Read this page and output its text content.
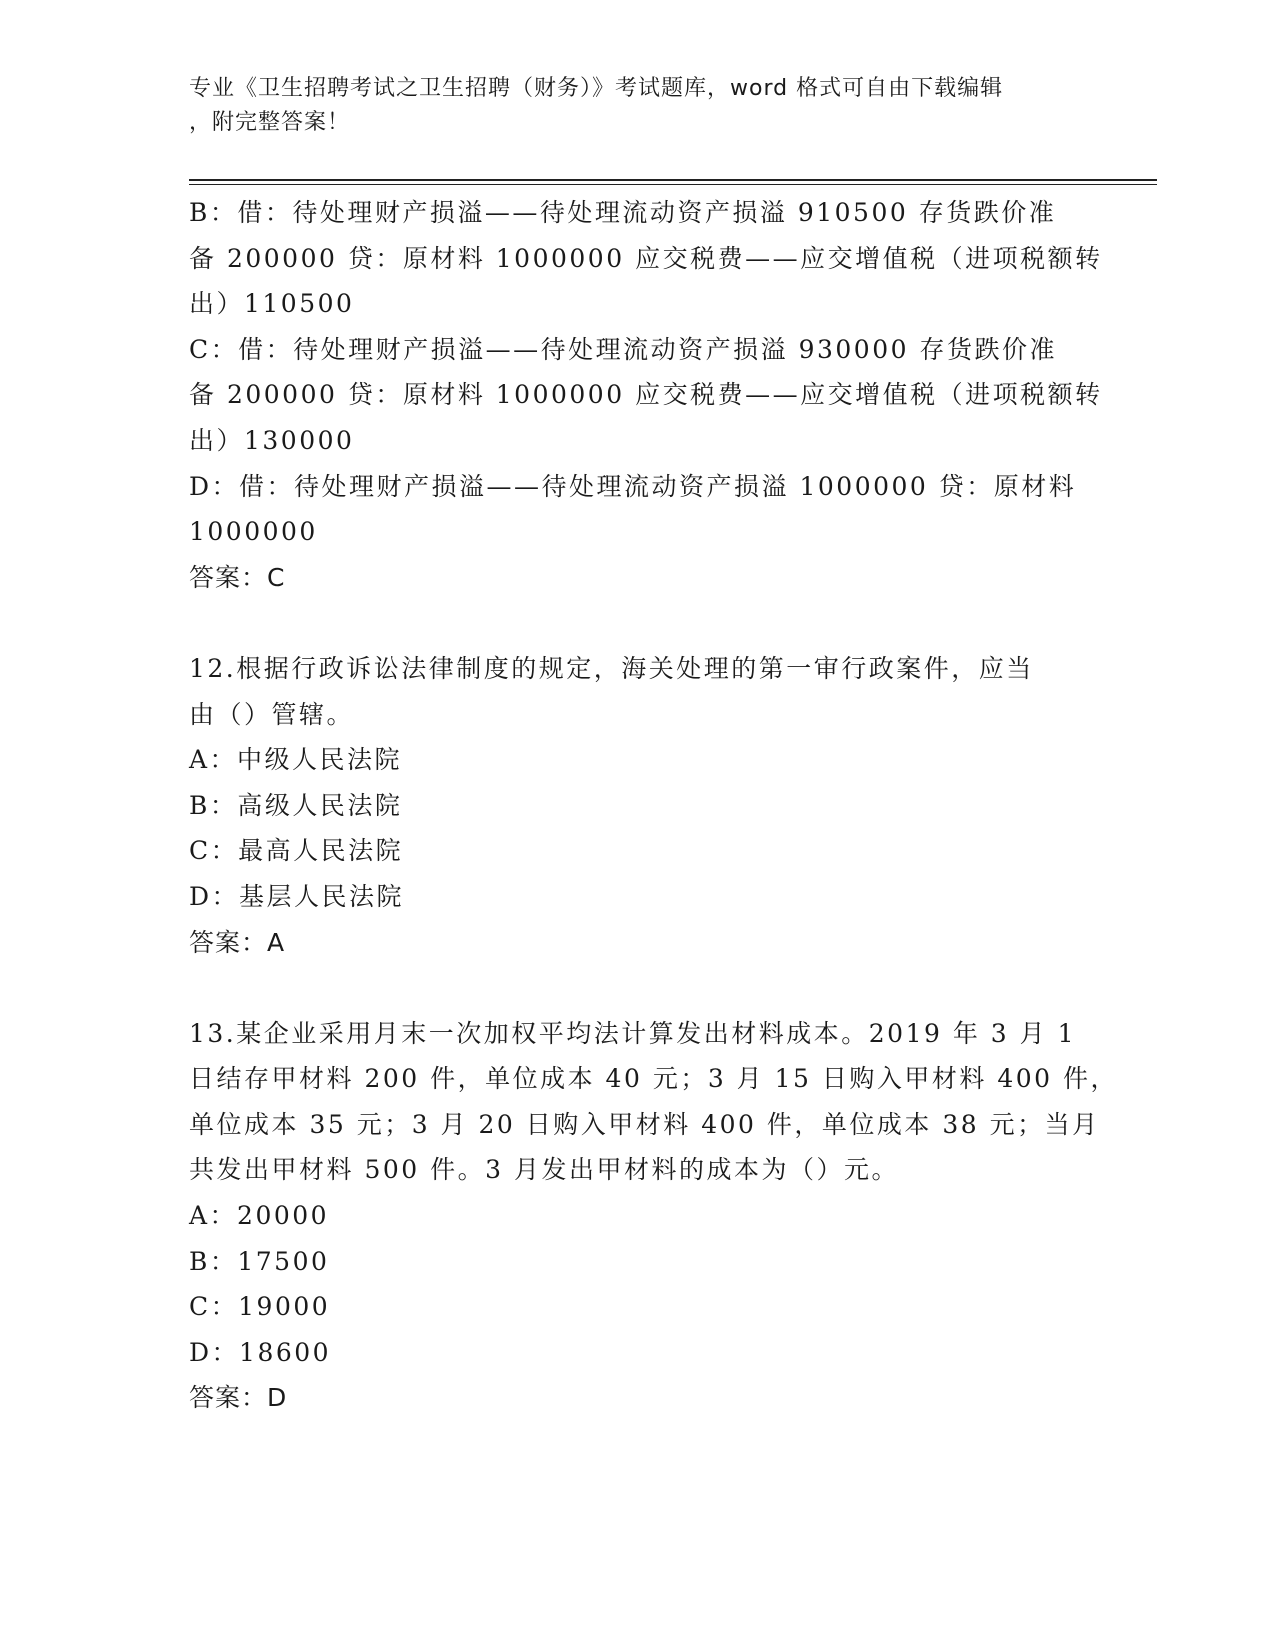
专业《卫生招聘考试之卫生招聘（财务）》考试题库，word 格式可自由下载编辑
，附完整答案！
B：借：待处理财产损溢——待处理流动资产损溢 910500 存货跌价准
备 200000 贷：原材料 1000000 应交税费——应交增值税（进项税额转
出）110500
C：借：待处理财产损溢——待处理流动资产损溢 930000 存货跌价准
备 200000 贷：原材料 1000000 应交税费——应交增值税（进项税额转
出）130000
D：借：待处理财产损溢——待处理流动资产损溢 1000000 贷：原材料
1000000
答案：C
12.根据行政诉讼法律制度的规定，海关处理的第一审行政案件，应当
由（）管辖。
A：中级人民法院
B：高级人民法院
C：最高人民法院
D：基层人民法院
答案：A
13.某企业采用月末一次加权平均法计算发出材料成本。2019 年 3 月 1
日结存甲材料 200 件，单位成本 40 元；3 月 15 日购入甲材料 400 件，
单位成本 35 元；3 月 20 日购入甲材料 400 件，单位成本 38 元；当月
共发出甲材料 500 件。3 月发出甲材料的成本为（）元。
A：20000
B：17500
C：19000
D：18600
答案：D
